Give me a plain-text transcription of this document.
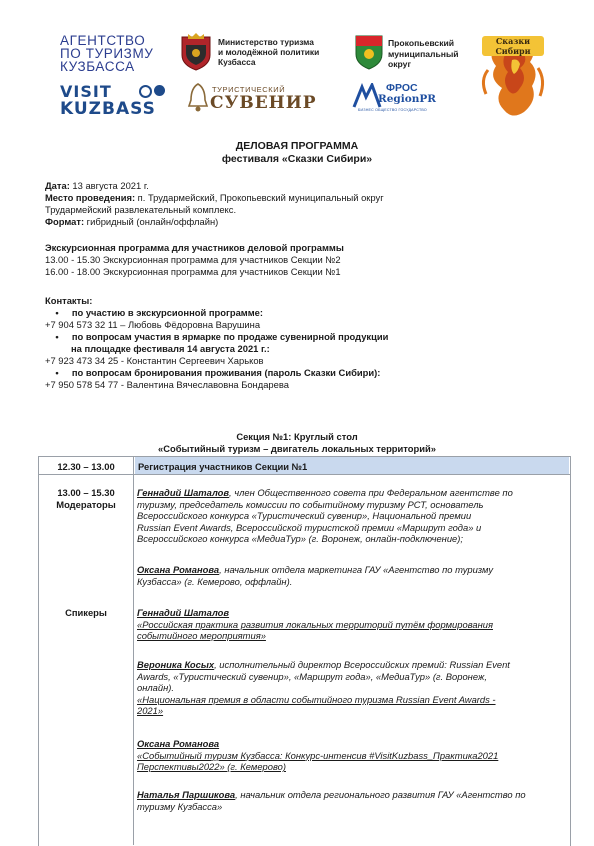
АГЕНТСТВО
ПО ТУРИЗМУ
КУЗБАССА
VISIT
KUZBASS
Министерство туризма
и молодёжной политики
Кузбасса
ТУРИСТИЧЕСКИЙ
СУВЕНИР
Прокопьевский
муниципальный
округ
ФРОС
RegionPR
БИЗНЕС ОБЩЕСТВО ГОСУДАРСТВО
Сказки Сибири
ДЕЛОВАЯ ПРОГРАММА
фестиваля «Сказки Сибири»
Дата: 13 августа 2021 г.
Место проведения: п. Трудармейский, Прокопьевский муниципальный округ
Трудармейский развлекательный комплекс.
Формат: гибридный (онлайн/оффлайн)
Экскурсионная программа для участников деловой программы
13.00 - 15.30 Экскурсионная программа для участников Секции №2
16.00 - 18.00 Экскурсионная программа для участников Секции №1
Контакты:
• по участию в экскурсионной программе:
+7 904 573 32 11 – Любовь Фёдоровна Варушина
• по вопросам участия в ярмарке по продаже сувенирной продукции
на площадке фестиваля 14 августа 2021 г.:
+7 923 473 34 25 - Константин Сергеевич Харьков
• по вопросам бронирования проживания (пароль Сказки Сибири):
+7 950 578 54 77 - Валентина Вячеславовна Бондарева
Секция №1: Круглый стол
«Событийный туризм – двигатель локальных территорий»
12.30 – 13.00	Регистрация участников Секции №1
13.00 – 15.30
Модераторы
Геннадий Шаталов, член Общественного совета при Федеральном агентстве по
туризму, председатель комиссии по событийному туризму РСТ, основатель
Всероссийского конкурса «Туристический сувенир», Национальной премии
Russian Event Awards, Всероссийской туристской премии «Маршрут года» и
Всероссийского конкурса «МедиаТур» (г. Воронеж, онлайн-подключение);
Оксана Романова, начальник отдела маркетинга ГАУ «Агентство по туризму
Кузбасса» (г. Кемерово, оффлайн).
Спикеры	Геннадий Шаталов
«Российская практика развития локальных территорий путём формирования
событийного мероприятия»
Вероника Косых, исполнительный директор Всероссийских премий: Russian Event
Awards, «Туристический сувенир», «Маршрут года», «МедиаТур» (г. Воронеж,
онлайн).
«Национальная премия в области событийного туризма Russian Event Awards -
2021»
Оксана Романова
«Событийный туризм Кузбасса: Конкурс-интенсив #VisitKuzbass_Практика2021
Перспективы2022» (г. Кемерово)
Наталья Паршикова, начальник отдела регионального развития ГАУ «Агентство по
туризму Кузбасса»
